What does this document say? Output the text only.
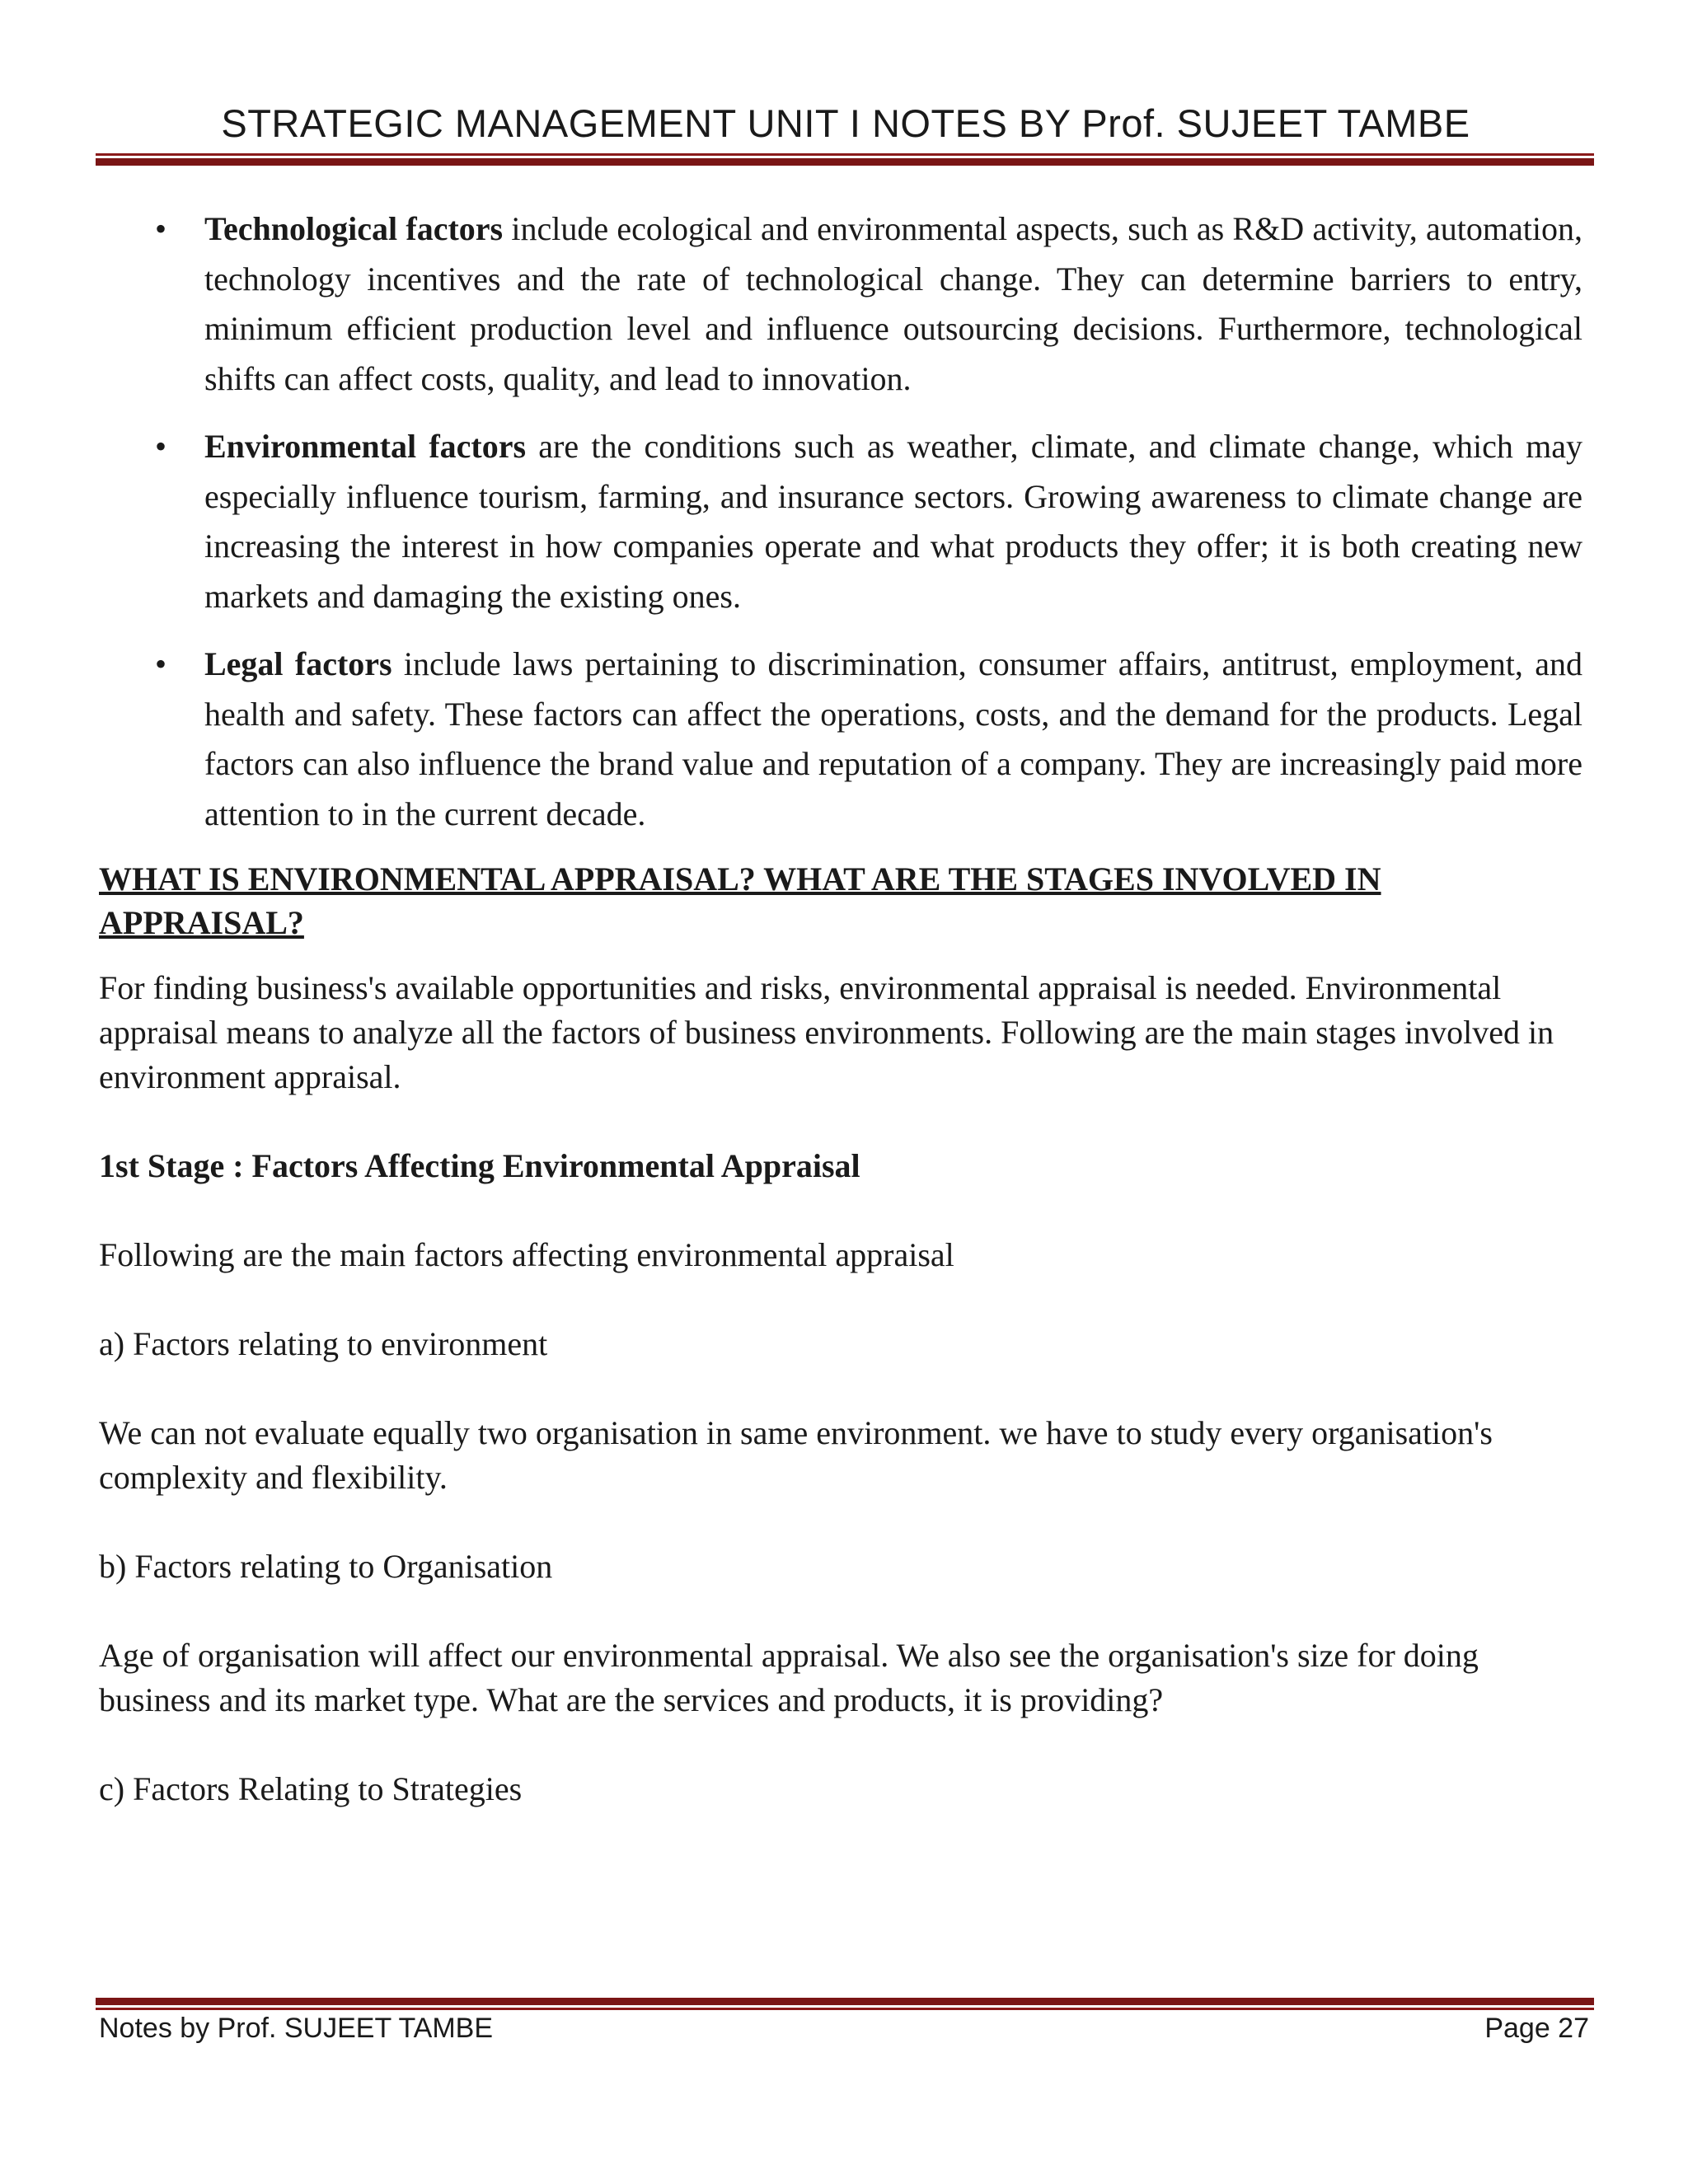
STRATEGIC MANAGEMENT UNIT I NOTES BY Prof. SUJEET TAMBE
• Technological factors include ecological and environmental aspects, such as R&D activity, automation, technology incentives and the rate of technological change. They can determine barriers to entry, minimum efficient production level and influence outsourcing decisions. Furthermore, technological shifts can affect costs, quality, and lead to innovation.
• Environmental factors are the conditions such as weather, climate, and climate change, which may especially influence tourism, farming, and insurance sectors. Growing awareness to climate change are increasing the interest in how companies operate and what products they offer; it is both creating new markets and damaging the existing ones.
• Legal factors include laws pertaining to discrimination, consumer affairs, antitrust, employment, and health and safety. These factors can affect the operations, costs, and the demand for the products. Legal factors can also influence the brand value and reputation of a company. They are increasingly paid more attention to in the current decade.
WHAT IS ENVIRONMENTAL APPRAISAL? WHAT ARE THE STAGES INVOLVED IN APPRAISAL?

For finding business's available opportunities and risks, environmental appraisal is needed. Environmental appraisal means to analyze all the factors of business environments. Following are the main stages involved in environment appraisal.

1st Stage : Factors Affecting Environmental Appraisal

Following are the main factors affecting environmental appraisal

a) Factors relating to environment

We can not evaluate equally two organisation in same environment. we have to study every organisation's complexity and flexibility.

b) Factors relating to Organisation

Age of organisation will affect our environmental appraisal. We also see the organisation's size for doing business and its market type. What are the services and products, it is providing?

c) Factors Relating to Strategies

Notes by Prof. SUJEET TAMBE	Page 27
